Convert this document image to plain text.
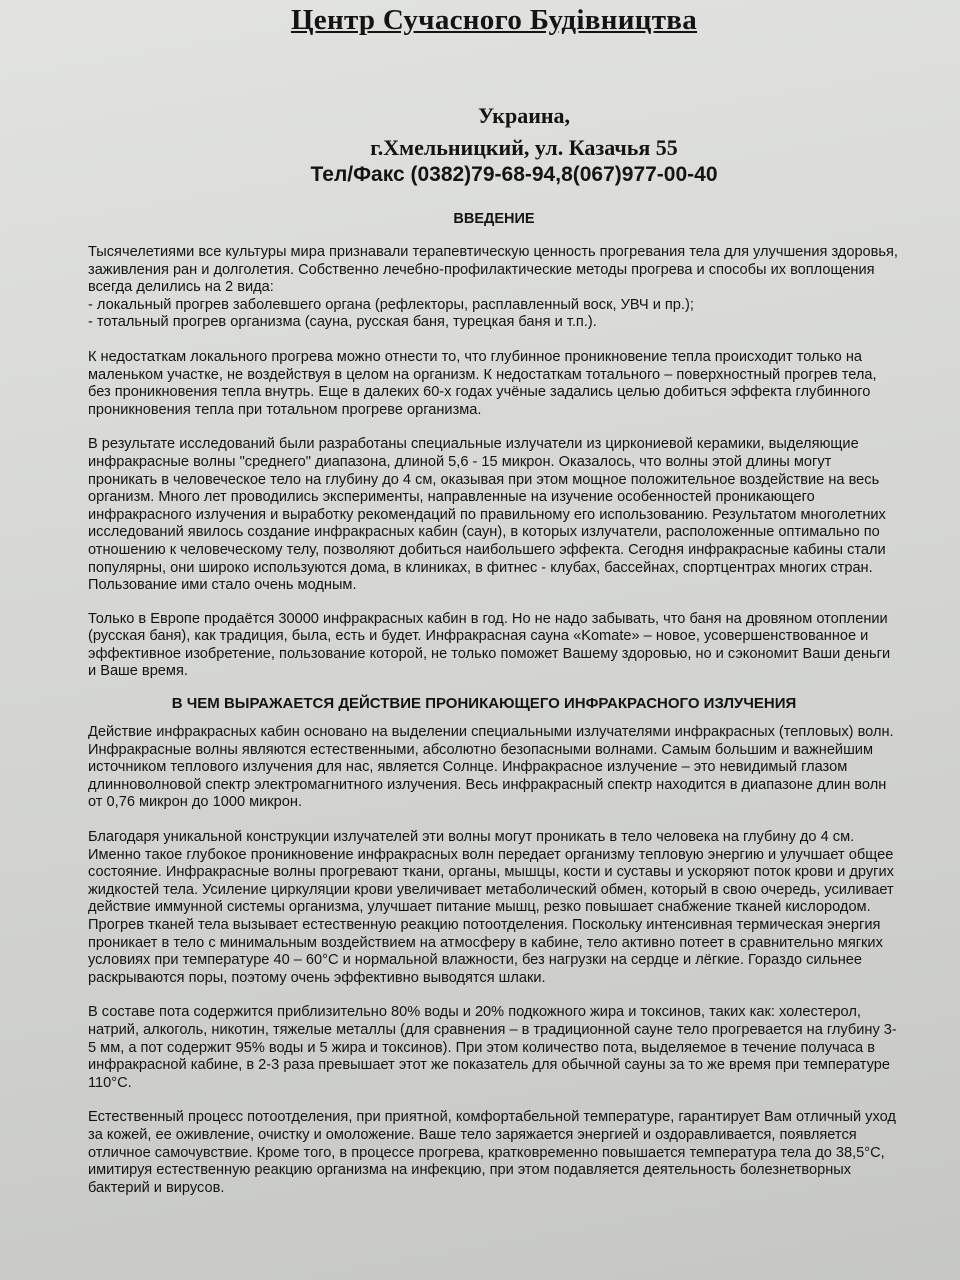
Центр Сучасного Будівництва

Украина,

г.Хмельницкий, ул. Казачья 55

Тел/Факс (0382)79-68-94,8(067)977-00-40

ВВЕДЕНИЕ

Тысячелетиями все культуры мира признавали терапевтическую ценность прогревания тела для улучшения здоровья, заживления ран и долголетия. Собственно лечебно-профилактические методы прогрева и способы их воплощения всегда делились на 2 вида:

- локальный прогрев заболевшего органа (рефлекторы, расплавленный воск, УВЧ и пр.);
- тотальный прогрев организма (сауна, русская баня, турецкая баня и т.п.).

К недостаткам локального прогрева можно отнести то, что глубинное проникновение тепла происходит только на маленьком участке, не воздействуя в целом на организм. К недостаткам тотального – поверхностный прогрев тела, без проникновения тепла внутрь. Еще в далеких 60-х годах учёные задались целью добиться эффекта глубинного проникновения тепла при тотальном прогреве организма.

В результате исследований были разработаны специальные излучатели из циркониевой керамики, выделяющие инфракрасные волны "среднего" диапазона, длиной 5,6 - 15 микрон. Оказалось, что волны этой длины могут проникать в человеческое тело на глубину до 4 см, оказывая при этом мощное положительное воздействие на весь организм. Много лет проводились эксперименты, направленные на изучение особенностей проникающего инфракрасного излучения и выработку рекомендаций по правильному его использованию. Результатом многолетних исследований явилось создание инфракрасных кабин (саун), в которых излучатели, расположенные оптимально по отношению к человеческому телу, позволяют добиться наибольшего эффекта. Сегодня инфракрасные кабины стали популярны, они широко используются дома, в клиниках, в фитнес - клубах, бассейнах, спортцентрах многих стран. Пользование ими стало очень модным.

Только в Европе продаётся 30000 инфракрасных кабин в год. Но не надо забывать, что баня на дровяном отоплении (русская баня), как традиция, была, есть и будет. Инфракрасная сауна «Komate» – новое, усовершенствованное и эффективное изобретение, пользование которой, не только поможет Вашему здоровью, но и сэкономит Ваши деньги и Ваше время.

В ЧЕМ ВЫРАЖАЕТСЯ ДЕЙСТВИЕ ПРОНИКАЮЩЕГО ИНФРАКРАСНОГО ИЗЛУЧЕНИЯ

Действие инфракрасных кабин основано на выделении специальными излучателями инфракрасных (тепловых) волн. Инфракрасные волны являются естественными, абсолютно безопасными волнами. Самым большим и важнейшим источником теплового излучения для нас, является Солнце. Инфракрасное излучение – это невидимый глазом длинноволновой спектр электромагнитного излучения. Весь инфракрасный спектр находится в диапазоне длин волн от 0,76 микрон до 1000 микрон.

Благодаря уникальной конструкции излучателей эти волны могут проникать в тело человека на глубину до 4 см. Именно такое глубокое проникновение инфракрасных волн передает организму тепловую энергию и улучшает общее состояние. Инфракрасные волны прогревают ткани, органы, мышцы, кости и суставы и ускоряют поток крови и других жидкостей тела. Усиление циркуляции крови увеличивает метаболический обмен, который в свою очередь, усиливает действие иммунной системы организма, улучшает питание мышц, резко повышает снабжение тканей кислородом. Прогрев тканей тела вызывает естественную реакцию потоотделения. Поскольку интенсивная термическая энергия проникает в тело с минимальным воздействием на атмосферу в кабине, тело активно потеет в сравнительно мягких условиях при температуре 40 – 60°C и нормальной влажности, без нагрузки на сердце и лёгкие. Гораздо сильнее раскрываются поры, поэтому очень эффективно выводятся шлаки.

В составе пота содержится приблизительно 80% воды и 20% подкожного жира и токсинов, таких как: холестерол, натрий, алкоголь, никотин, тяжелые металлы (для сравнения – в традиционной сауне тело прогревается на глубину 3-5 мм, а пот содержит 95% воды и 5 жира и токсинов). При этом количество пота, выделяемое в течение получаса в инфракрасной кабине, в 2-3 раза превышает этот же показатель для обычной сауны за то же время при температуре 110°C.

Естественный процесс потоотделения, при приятной, комфортабельной температуре, гарантирует Вам отличный уход за кожей, ее оживление, очистку и омоложение. Ваше тело заряжается энергией и оздоравливается, появляется отличное самочувствие. Кроме того, в процессе прогрева, кратковременно повышается температура тела до 38,5°C, имитируя естественную реакцию организма на инфекцию, при этом подавляется деятельность болезнетворных бактерий и вирусов.
